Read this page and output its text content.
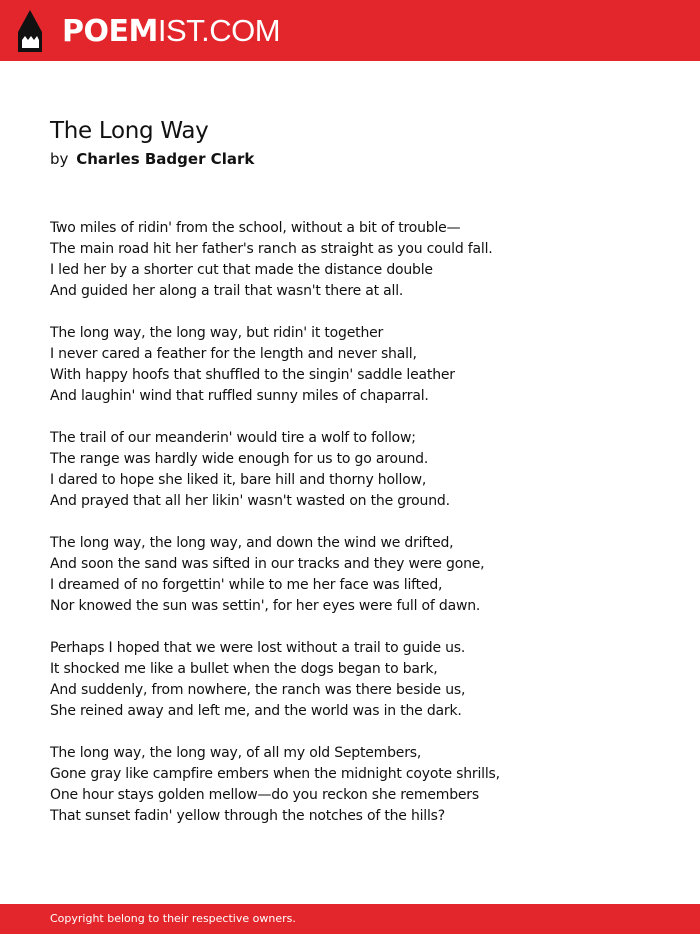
POEMIST.COM
The Long Way
by Charles Badger Clark
Two miles of ridin' from the school, without a bit of trouble—
The main road hit her father's ranch as straight as you could fall.
I led her by a shorter cut that made the distance double
And guided her along a trail that wasn't there at all.
The long way, the long way, but ridin' it together
I never cared a feather for the length and never shall,
With happy hoofs that shuffled to the singin' saddle leather
And laughin' wind that ruffled sunny miles of chaparral.
The trail of our meanderin' would tire a wolf to follow;
The range was hardly wide enough for us to go around.
I dared to hope she liked it, bare hill and thorny hollow,
And prayed that all her likin' wasn't wasted on the ground.
The long way, the long way, and down the wind we drifted,
And soon the sand was sifted in our tracks and they were gone,
I dreamed of no forgettin' while to me her face was lifted,
Nor knowed the sun was settin', for her eyes were full of dawn.
Perhaps I hoped that we were lost without a trail to guide us.
It shocked me like a bullet when the dogs began to bark,
And suddenly, from nowhere, the ranch was there beside us,
She reined away and left me, and the world was in the dark.
The long way, the long way, of all my old Septembers,
Gone gray like campfire embers when the midnight coyote shrills,
One hour stays golden mellow—do you reckon she remembers
That sunset fadin' yellow through the notches of the hills?
Copyright belong to their respective owners.
